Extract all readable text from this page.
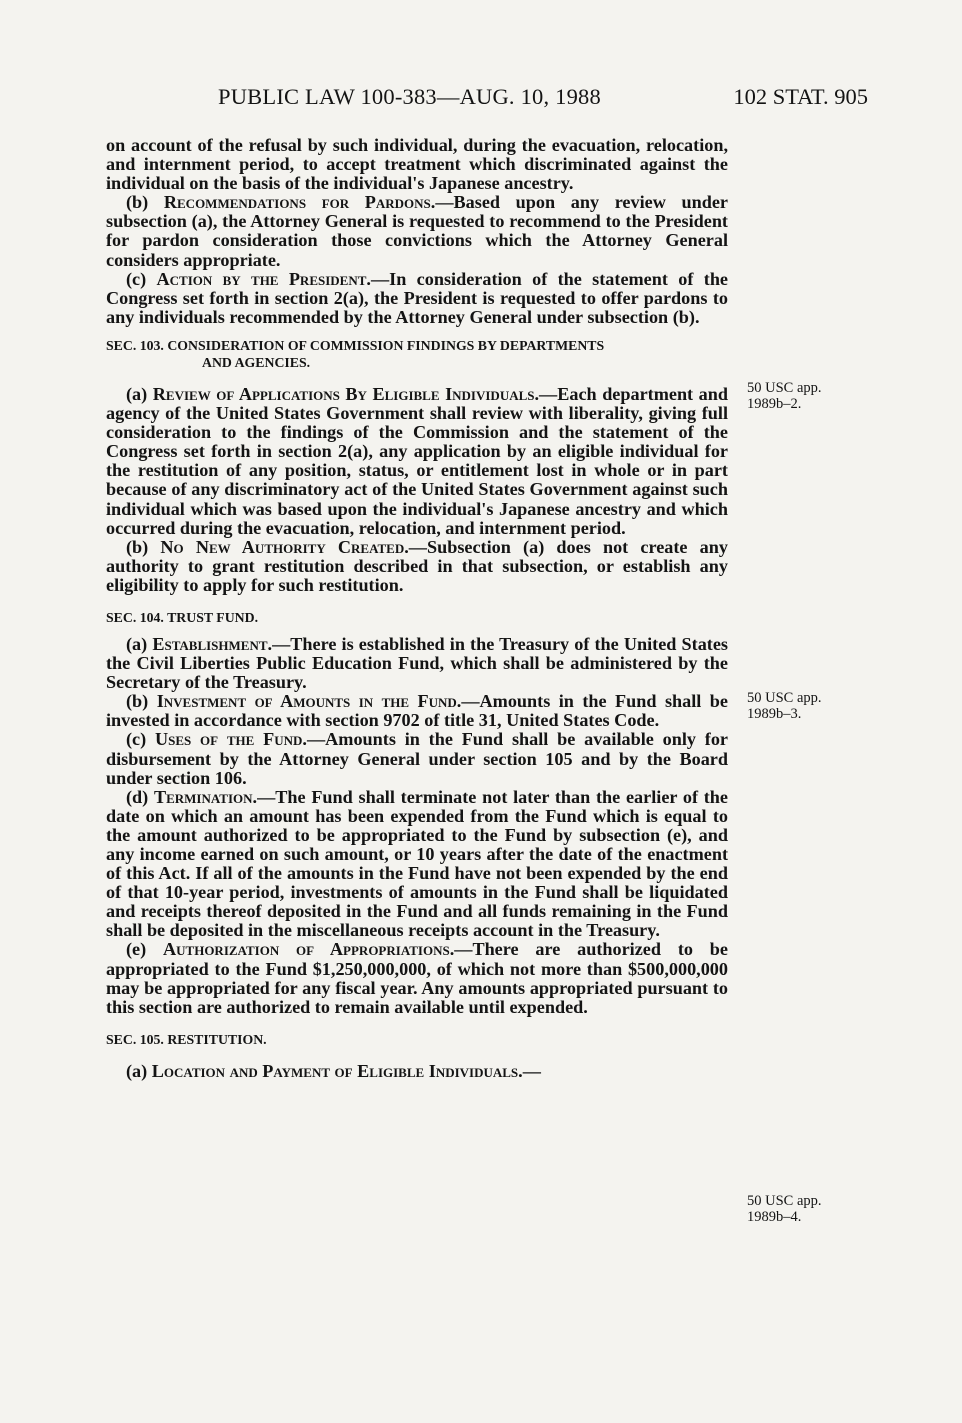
PUBLIC LAW 100-383—AUG. 10, 1988	102 STAT. 905

on account of the refusal by such individual, during the evacuation, relocation, and internment period, to accept treatment which discriminated against the individual on the basis of the individual's Japanese ancestry.

(b) Recommendations for Pardons.—Based upon any review under subsection (a), the Attorney General is requested to recommend to the President for pardon consideration those convictions which the Attorney General considers appropriate.

(c) Action by the President.—In consideration of the statement of the Congress set forth in section 2(a), the President is requested to offer pardons to any individuals recommended by the Attorney General under subsection (b).

SEC. 103. CONSIDERATION OF COMMISSION FINDINGS BY DEPARTMENTS
AND AGENCIES.

(a) Review of Applications By Eligible Individuals.—Each department and agency of the United States Government shall review with liberality, giving full consideration to the findings of the Commission and the statement of the Congress set forth in section 2(a), any application by an eligible individual for the restitution of any position, status, or entitlement lost in whole or in part because of any discriminatory act of the United States Government against such individual which was based upon the individual's Japanese ancestry and which occurred during the evacuation, relocation, and internment period.

(b) No New Authority Created.—Subsection (a) does not create any authority to grant restitution described in that subsection, or establish any eligibility to apply for such restitution.

SEC. 104. TRUST FUND.

(a) Establishment.—There is established in the Treasury of the United States the Civil Liberties Public Education Fund, which shall be administered by the Secretary of the Treasury.

(b) Investment of Amounts in the Fund.—Amounts in the Fund shall be invested in accordance with section 9702 of title 31, United States Code.

(c) Uses of the Fund.—Amounts in the Fund shall be available only for disbursement by the Attorney General under section 105 and by the Board under section 106.

(d) Termination.—The Fund shall terminate not later than the earlier of the date on which an amount has been expended from the Fund which is equal to the amount authorized to be appropriated to the Fund by subsection (e), and any income earned on such amount, or 10 years after the date of the enactment of this Act. If all of the amounts in the Fund have not been expended by the end of that 10-year period, investments of amounts in the Fund shall be liquidated and receipts thereof deposited in the Fund and all funds remaining in the Fund shall be deposited in the miscellaneous receipts account in the Treasury.

(e) Authorization of Appropriations.—There are authorized to be appropriated to the Fund $1,250,000,000, of which not more than $500,000,000 may be appropriated for any fiscal year. Any amounts appropriated pursuant to this section are authorized to remain available until expended.

SEC. 105. RESTITUTION.

(a) Location and Payment of Eligible Individuals.—

50 USC app.
1989b–2.
50 USC app.
1989b–3.
50 USC app.
1989b–4.
